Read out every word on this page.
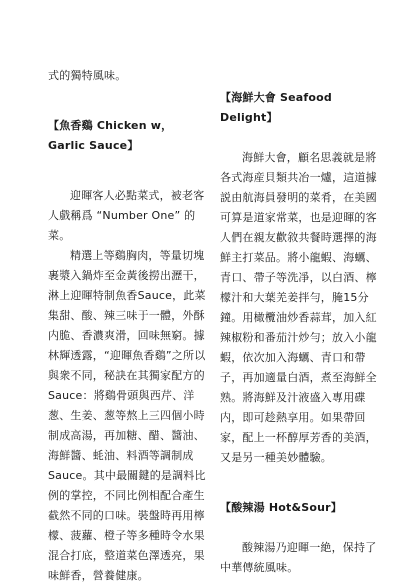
式的獨特風味。

【魚香鷄 Chicken w，Garlic Sauce】

迎暉客人必點菜式，被老客人戲稱爲 “Number One” 的菜。

精選上等鷄胸肉，等量切塊裹漿入鍋炸至金黃後撈出瀝干，淋上迎暉特制魚香Sauce，此菜集甜、酸、辣三味于一體，外酥内脆、香濃爽滑，回味無窮。據林輝透露，“迎暉魚香鷄”之所以與衆不同，秘訣在其獨家配方的Sauce：將鷄骨頭與西芹、洋葱、生姜、葱等熬上三四個小時制成高湯，再加糖、醋、醬油、海鮮醬、蚝油、料酒等調制成Sauce。其中最關鍵的是調料比例的掌控，不同比例相配合產生截然不同的口味。裝盤時再用檸檬、菠蘿、橙子等多種時令水果混合打底，整道菜色澤透亮，果味鮮香，營養健康。

【海鮮大會 Seafood Delight】

海鮮大會，顧名思義就是將各式海産貝類共冶一爐，這道據説由航海員發明的菜肴，在美國可算是道家常菜，也是迎暉的客人們在親友歡敘共餐時選擇的海鮮主打菜品。將小龍蝦、海蠣、青口、帶子等洗凈，以白酒、檸檬汁和大葉羌姜拌勻，腌15分鐘。用橄欖油炒香蒜茸，加入紅辣椒粉和番茄汁炒勻；放入小龍蝦，依次加入海蠣、青口和帶子，再加適量白酒，煮至海鮮全熟。將海鮮及汁液盛入專用碟内，即可趁熱享用。如果帶回家，配上一杯醇厚芳香的美酒，又是另一種美妙體驗。

【酸辣湯 Hot&Sour】

酸辣湯乃迎暉一絶，保持了中華傳統風味。
